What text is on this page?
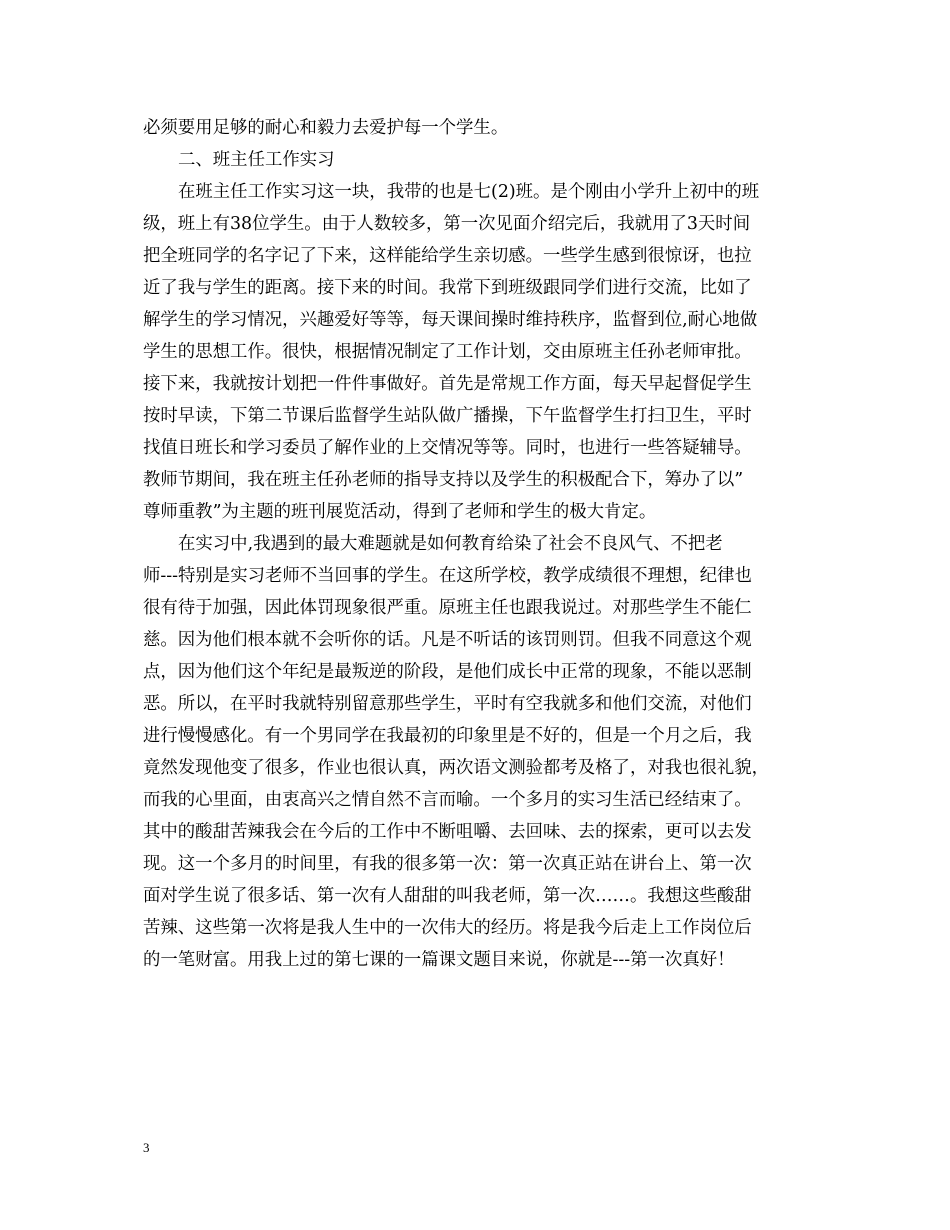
必须要用足够的耐心和毅力去爱护每一个学生。
二、班主任工作实习
在班主任工作实习这一块，我带的也是七(2)班。是个刚由小学升上初中的班
级，班上有38位学生。由于人数较多，第一次见面介绍完后，我就用了3天时间
把全班同学的名字记了下来，这样能给学生亲切感。一些学生感到很惊讶，也拉
近了我与学生的距离。接下来的时间。我常下到班级跟同学们进行交流，比如了
解学生的学习情况，兴趣爱好等等，每天课间操时维持秩序，监督到位,耐心地做
学生的思想工作。很快，根据情况制定了工作计划，交由原班主任孙老师审批。
接下来，我就按计划把一件件事做好。首先是常规工作方面，每天早起督促学生
按时早读，下第二节课后监督学生站队做广播操，下午监督学生打扫卫生，平时
找值日班长和学习委员了解作业的上交情况等等。同时，也进行一些答疑辅导。
教师节期间，我在班主任孙老师的指导支持以及学生的积极配合下，筹办了以”
尊师重教”为主题的班刊展览活动，得到了老师和学生的极大肯定。
在实习中,我遇到的最大难题就是如何教育给染了社会不良风气、不把老
师---特别是实习老师不当回事的学生。在这所学校，教学成绩很不理想，纪律也
很有待于加强，因此体罚现象很严重。原班主任也跟我说过。对那些学生不能仁
慈。因为他们根本就不会听你的话。凡是不听话的该罚则罚。但我不同意这个观
点，因为他们这个年纪是最叛逆的阶段，是他们成长中正常的现象，不能以恶制
恶。所以，在平时我就特别留意那些学生，平时有空我就多和他们交流，对他们
进行慢慢感化。有一个男同学在我最初的印象里是不好的，但是一个月之后，我
竟然发现他变了很多，作业也很认真，两次语文测验都考及格了，对我也很礼貌，
而我的心里面，由衷高兴之情自然不言而喻。一个多月的实习生活已经结束了。
其中的酸甜苦辣我会在今后的工作中不断咀嚼、去回味、去的探索，更可以去发
现。这一个多月的时间里，有我的很多第一次：第一次真正站在讲台上、第一次
面对学生说了很多话、第一次有人甜甜的叫我老师，第一次……。我想这些酸甜
苦辣、这些第一次将是我人生中的一次伟大的经历。将是我今后走上工作岗位后
的一笔财富。用我上过的第七课的一篇课文题目来说，你就是---第一次真好！
3
